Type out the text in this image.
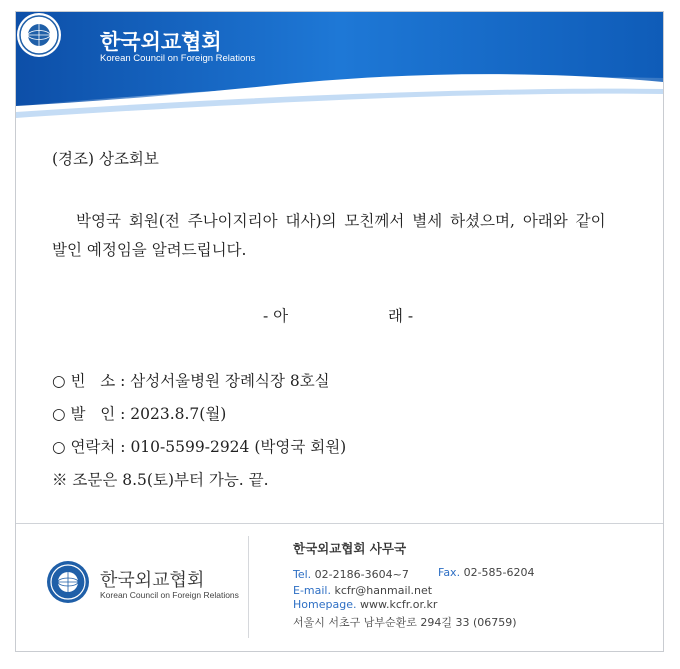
한국외교협회
Korean Council on Foreign Relations
(경조) 상조회보
박영국 회원(전 주나이지리아 대사)의 모친께서 별세 하셨으며, 아래와 같이
발인 예정임을 알려드립니다.
- 아	래 -
○ 빈   소 : 삼성서울병원 장례식장 8호실
○ 발   인 : 2023.8.7(월)
○ 연락처 : 010-5599-2924 (박영국 회원)
※ 조문은 8.5(토)부터 가능. 끝.
한국외교협회
Korean Council on Foreign Relations
한국외교협회 사무국
Tel. 02-2186-3604~7	Fax. 02-585-6204
E-mail. kcfr@hanmail.net
Homepage. www.kcfr.or.kr
서울시 서초구 남부순환로 294길 33 (06759)
